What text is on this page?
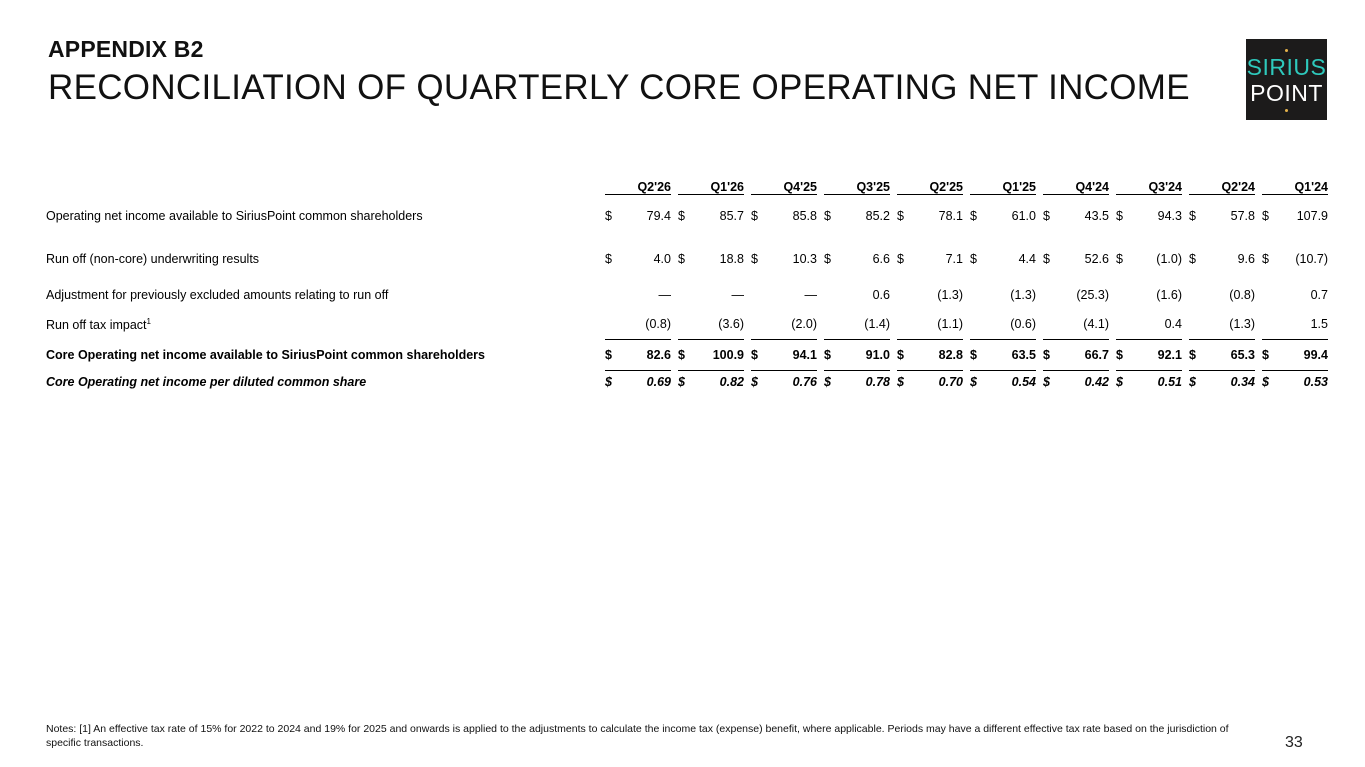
APPENDIX B2
RECONCILIATION OF QUARTERLY CORE OPERATING NET INCOME
SIRIUS
POINT
		Q2'26			Q1'26			Q4'25			Q3'25			Q2'25			Q1'25			Q4'24			Q3'24			Q2'24			Q1'24	
Operating net income available to SiriusPoint common shareholders		$	79.4		$	85.7		$	85.8		$	85.2		$	78.1		$	61.0		$	43.5		$	94.3		$	57.8		$	107.9
Run off (non-core) underwriting results		$	4.0		$	18.8		$	10.3		$	6.6		$	7.1		$	4.4		$	52.6		$	(1.0)		$	9.6		$	(10.7)
Adjustment for previously excluded amounts relating to run off			—			—			—			0.6			(1.3)			(1.3)			(25.3)			(1.6)			(0.8)			0.7
Run off tax impact$^1$			(0.8)			(3.6)			(2.0)			(1.4)			(1.1)			(0.6)			(4.1)			0.4			(1.3)			1.5
Core Operating net income available to SiriusPoint common shareholders		$	82.6		$	100.9		$	94.1		$	91.0		$	82.8		$	63.5		$	66.7		$	92.1		$	65.3		$	99.4
Core Operating net income per diluted common share		$	0.69		$	0.82		$	0.76		$	0.78		$	0.70		$	0.54		$	0.42		$	0.51		$	0.34		$	0.53
Notes: [1] An effective tax rate of 15% for 2022 to 2024 and 19% for 2025 and onwards is applied to the adjustments to calculate the income tax (expense) benefit, where applicable. Periods may have a different effective tax rate based on the jurisdiction of specific transactions.	33
